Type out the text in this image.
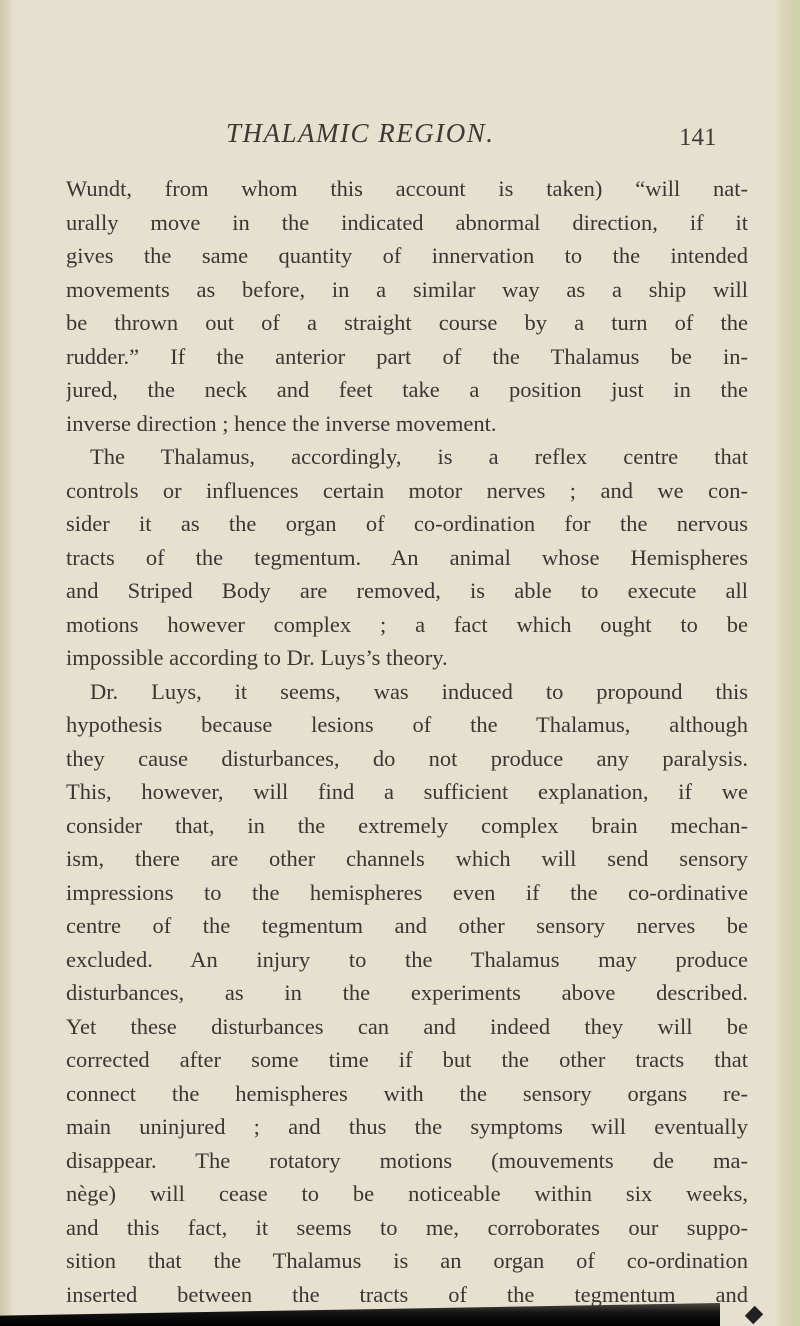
THALAMIC REGION.	141
Wundt, from whom this account is taken) “will nat-
urally move in the indicated abnormal direction, if it
gives the same quantity of innervation to the intended
movements as before, in a similar way as a ship will
be thrown out of a straight course by a turn of the
rudder.” If the anterior part of the Thalamus be in-
jured, the neck and feet take a position just in the
inverse direction ; hence the inverse movement.
The Thalamus, accordingly, is a reflex centre that
controls or influences certain motor nerves ; and we con-
sider it as the organ of co-ordination for the nervous
tracts of the tegmentum. An animal whose Hemispheres
and Striped Body are removed, is able to execute all
motions however complex ; a fact which ought to be
impossible according to Dr. Luys’s theory.
Dr. Luys, it seems, was induced to propound this
hypothesis because lesions of the Thalamus, although
they cause disturbances, do not produce any paralysis.
This, however, will find a sufficient explanation, if we
consider that, in the extremely complex brain mechan-
ism, there are other channels which will send sensory
impressions to the hemispheres even if the co-ordinative
centre of the tegmentum and other sensory nerves be
excluded. An injury to the Thalamus may produce
disturbances, as in the experiments above described.
Yet these disturbances can and indeed they will be
corrected after some time if but the other tracts that
connect the hemispheres with the sensory organs re-
main uninjured ; and thus the symptoms will eventually
disappear. The rotatory motions (mouvements de ma-
nège) will cease to be noticeable within six weeks,
and this fact, it seems to me, corroborates our suppo-
sition that the Thalamus is an organ of co-ordination
inserted between the tracts of the tegmentum and
